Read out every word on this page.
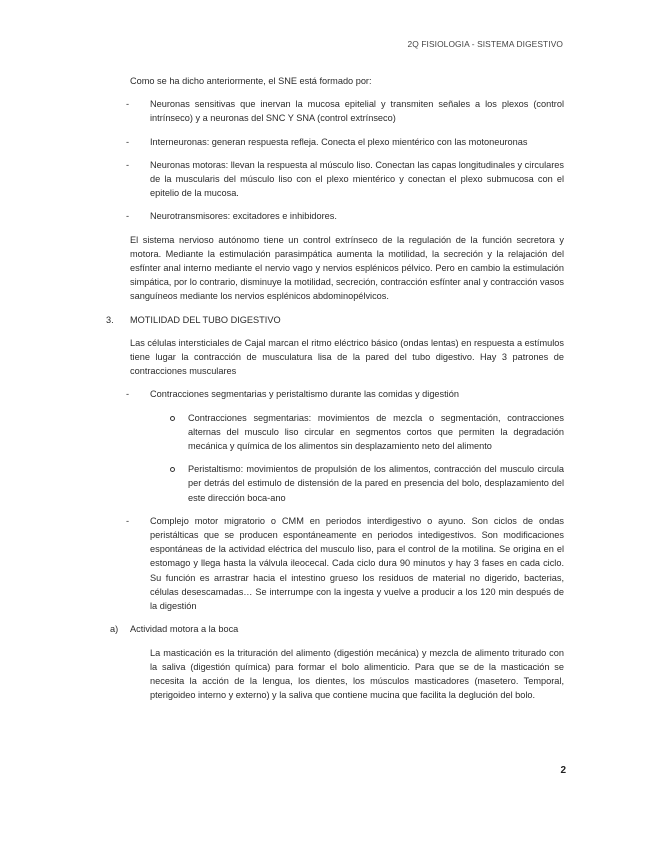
2Q FISIOLOGIA - SISTEMA DIGESTIVO

Como se ha dicho anteriormente, el SNE está formado por:

- Neuronas sensitivas que inervan la mucosa epitelial y transmiten señales a los plexos (control intrínseco) y a neuronas del SNC Y SNA (control extrínseco)

- Interneuronas: generan respuesta refleja. Conecta el plexo mientérico con las motoneuronas

- Neuronas motoras: llevan la respuesta al músculo liso. Conectan las capas longitudinales y circulares de la muscularis del músculo liso con el plexo mientérico y conectan el plexo submucosa con el epitelio de la mucosa.

- Neurotransmisores: excitadores e inhibidores.

El sistema nervioso autónomo tiene un control extrínseco de la regulación de la función secretora y motora. Mediante la estimulación parasimpática aumenta la motilidad, la secreción y la relajación del esfínter anal interno mediante el nervio vago y nervios esplénicos pélvico. Pero en cambio la estimulación simpática, por lo contrario, disminuye la motilidad, secreción, contracción esfínter anal y contracción vasos sanguíneos mediante los nervios esplénicos abdominopélvicos.

3. MOTILIDAD DEL TUBO DIGESTIVO

Las células intersticiales de Cajal marcan el ritmo eléctrico básico (ondas lentas) en respuesta a estímulos tiene lugar la contracción de musculatura lisa de la pared del tubo digestivo. Hay 3 patrones de contracciones musculares

- Contracciones segmentarias y peristaltismo durante las comidas y digestión

Contracciones segmentarias: movimientos de mezcla o segmentación, contracciones alternas del musculo liso circular en segmentos cortos que permiten la degradación mecánica y química de los alimentos sin desplazamiento neto del alimento

Peristaltismo: movimientos de propulsión de los alimentos, contracción del musculo circula per detrás del estimulo de distensión de la pared en presencia del bolo, desplazamiento del este dirección boca-ano

- Complejo motor migratorio o CMM en periodos interdigestivo o ayuno. Son ciclos de ondas peristálticas que se producen espontáneamente en periodos intedigestivos. Son modificaciones espontáneas de la actividad eléctrica del musculo liso, para el control de la motilina. Se origina en el estomago y llega hasta la válvula ileocecal. Cada ciclo dura 90 minutos y hay 3 fases en cada ciclo. Su función es arrastrar hacia el intestino grueso los residuos de material no digerido, bacterias, células desescamadas… Se interrumpe con la ingesta y vuelve a producir a los 120 min después de la digestión

a) Actividad motora a la boca

La masticación es la trituración del alimento (digestión mecánica) y mezcla de alimento triturado con la saliva (digestión química) para formar el bolo alimenticio. Para que se de la masticación se necesita la acción de la lengua, los dientes, los músculos masticadores (masetero. Temporal, pterigoideo interno y externo) y la saliva que contiene mucina que facilita la deglución del bolo.

2
